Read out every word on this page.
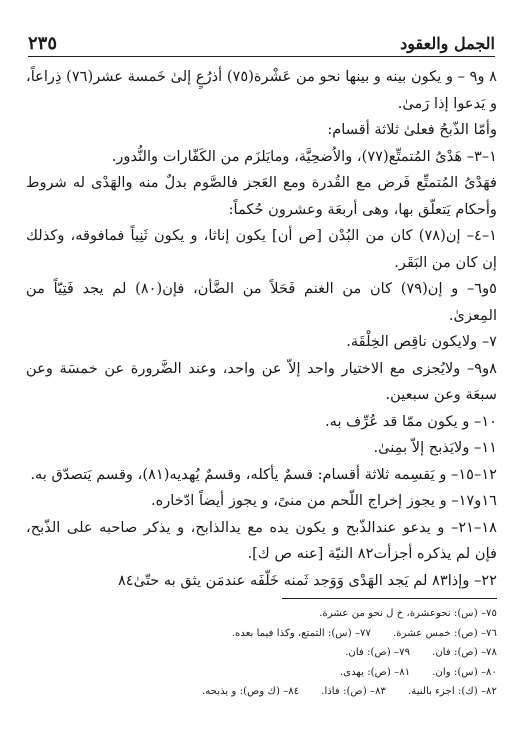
الجمل والعقود
٢٣٥

٨ و٩ – و يكون بينه و بينها نحو من عَشْرة(٧٥) أذرُعٍ إلىٰ خَمسة عشر(٧٦) ذِراعاً، و يَدعوا إذا رَمىٰ.

وأمّا الذّبحُ فعلىٰ ثلاثة أقسام:

١–٣– هَدْىُ المُتمتِّع(٧٧)، والاُضحِيَّة، ومايَلزَم من الكَفّارات والنُّدور.

فهَدْىُ المُتمتِّع فَرض مع القُدرة ومع العَجز فالصَّوم بدلٌ منه والهَدْى له شروط وأحكام يَتعلّق بها، وهى أربعَة وعشرون حُكماً:

١–٤– إن(٧٨) كان من البُدْن [ص أن] يكون إناثا، و يكون ثَنِياً فمافوقه، وكذلك إن كان من البَقَر.

٥و٦– و إن(٧٩) كان من الغنم فَحَلاً من الضَّأن، فإن(٨٠) لم يجد فَتِيّاً من المِعزىٰ.

٧– ولايكون ناقِص الخِلْقَة.

٨و٩– ولايُجزى مع الاختيار واحد إلاّ عن واحد، وعند الضَّرورة عن خمسَة وعن سبعَة وعن سبعين.

١٠– و يكون ممّا قد عُرِّف به.

١١– ولايَذبح إلاّ بمِنىٰ.

١٢–١٥– و يَقسِمه ثلاثة أقسام: قسمٌ يأكله، وقسمٌ يُهديه(٨١)، وقسم يَتصدّق به.

١٦و١٧– و يجوز إخراج اللّحم من منىً، و يجوز أيضاً ادّخاره.

١٨–٢١– و يدعو عندالذّبح و يكون يده مع يدالذابح، و يذكر صاحبه على الذّبح، فإن لم يذكره أجزأت٨٢ النيّة [عنه ص ك].

٢٢– وإذا٨٣ لم يَجد الهَدْى وَوَجد ثَمنه خَلّفَه عندمَن يثق به حتّىٰ٨٤

٧٥– (س): نحوعشرة، خ ل نحو من عشرة.
٧٦– (ص): خمس عشرة.
٧٧– (س): التمتع، وكذا فيما بعده.
٧٨– (ص): فان.
٧٩– (ص): فان.
٨٠– (س): وان.
٨١– (ص): يهدى.
٨٢– (ك): اجزء بالنية.
٨٣– (ص): فاذا.
٨٤– (ك وص): و يذبحه.
